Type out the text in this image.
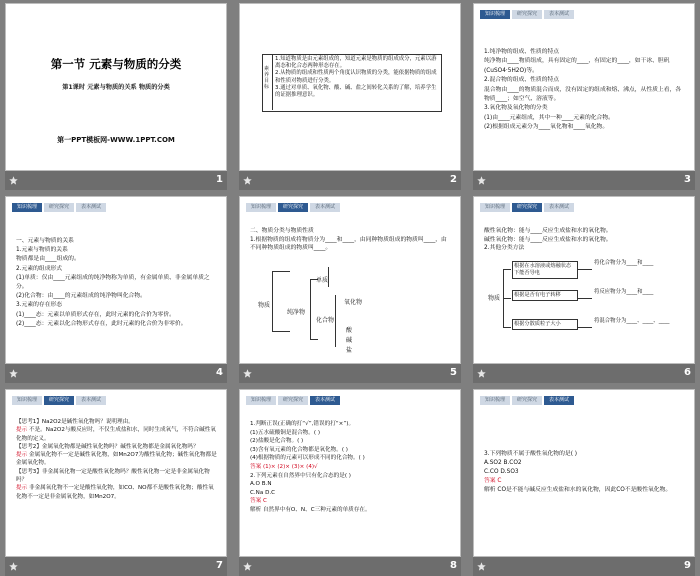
第一节 元素与物质的分类
第1课时 元素与物质的关系 物质的分类
第一PPT模板网-WWW.1PPT.COM
1
素养目标

1.知道物质是由元素组成的，知道元素是物质的组成成分，元素以游离态和化合态两种形态存在。

2.从物质的组成和性质两个角度认识物质的分类，能依据物质的组成和性质对物质进行分类。

3.通过对单质、氧化物、酸、碱、盐之间转化关系的了解，培养学生的证据推理意识。

2
知识梳理	研究探究	表本测试

1.纯净物的组成、性质的特点

纯净物由____物质组成，具有固定的____，有固定的____，如干冰、胆矾(CuSO4·5H2O)等。

2.混合物的组成、性质的特点

混合物由____的物质混合而成，没有固定的组成和熔、沸点，从性质上看，各物质____；如空气、溶液等。

3.氧化物及氧化物的分类

(1)由____元素组成，其中一种____元素的化合物。

(2)根据组成元素分为____氧化物和____氧化物。

3
知识梳理	研究探究	表本测试

一、元素与物质的关系

1.元素与物质的关系

物质都是由____组成的。

2.元素的组成形式

(1)单质：仅由____元素组成的纯净物称为单质，有金属单质、非金属单质之分。

(2)化合物：由____的元素组成的纯净物叫化合物。

3.元素的存在形态

(1)____态：元素以单质形式存在，此时元素的化合价为零价。

(2)____态：元素以化合物形式存在，此时元素的化合价为非零价。

4
知识梳理	研究探究	表本测试

二、物质分类与物质性质

1.根据物质的组成将物质分为____和____，由同种物质组成的物质叫____，由不同种物质组成的物质叫____。

物质
纯净物
单质
化合物
氧化物
酸
碱
盐
5
知识梳理	研究探究	表本测试

酸性氧化物：能与____反应生成盐和水的氧化物。

碱性氧化物：能与____反应生成盐和水的氧化物。

2.其他分类方法

物质
根据在水溶液或熔融状态下能否导电
根据是否有电子转移
根据分散质粒子大小
将化合物分为____和____
将反应物分为____和____
将混合物分为____、____、____
6
知识梳理	研究探究	表本测试

【思考1】Na2O2是碱性氧化物吗？说明理由。

提示 不是。Na2O2与酸反应时，不仅生成盐和水，同时生成氧气，不符合碱性氧化物的定义。

【思考2】金属氧化物都是碱性氧化物吗？碱性氧化物都是金属氧化物吗？

提示 金属氧化物不一定是碱性氧化物，如Mn2O7为酸性氧化物；碱性氧化物都是金属氧化物。

【思考3】非金属氧化物一定是酸性氧化物吗？酸性氧化物一定是非金属氧化物吗？

提示 非金属氧化物不一定是酸性氧化物，如CO、NO都不是酸性氧化物；酸性氧化物不一定是非金属氧化物，如Mn2O7。

7
知识梳理	研究探究	表本测试

1.判断正误(正确的打“√”,错误的打“×”)。

(1)五水硫酸铜是混合物。( )

(2)盐酸是化合物。( )

(3)含有氧元素的化合物都是氧化物。( )

(4)根据物质的元素可以形成不同的化合物。( )

答案 (1)× (2)× (3)× (4)√

2.下列元素在自然界中只有化合态的是( )

A.O B.N

C.Na D.C

答案 C

解析 自然界中有O、N、C三种元素的单质存在。

8
知识梳理	研究探究	表本测试

3.下列物质不属于酸性氧化物的是( )

A.SO2 B.CO2

C.CO D.SO3

答案 C

解析 CO是不能与碱反应生成盐和水的氧化物，因此CO不是酸性氧化物。

9
